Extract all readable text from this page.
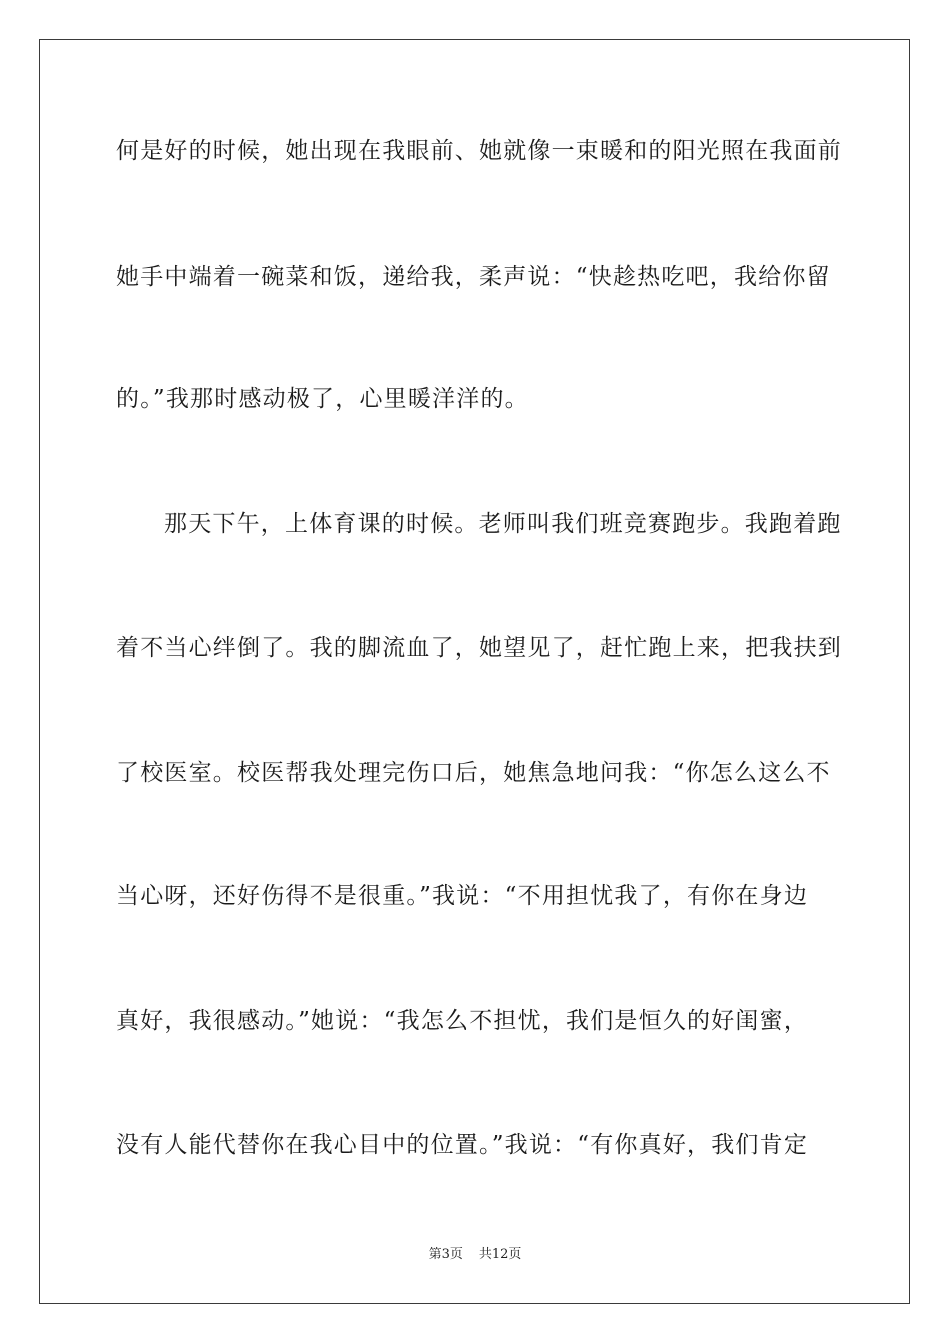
何是好的时候，她出现在我眼前、她就像一束暖和的阳光照在我面前
她手中端着一碗菜和饭，递给我，柔声说：“快趁热吃吧，我给你留
的。”我那时感动极了，心里暖洋洋的。
那天下午，上体育课的时候。老师叫我们班竞赛跑步。我跑着跑
着不当心绊倒了。我的脚流血了，她望见了，赶忙跑上来，把我扶到
了校医室。校医帮我处理完伤口后，她焦急地问我：“你怎么这么不
当心呀，还好伤得不是很重。”我说：“不用担忧我了，有你在身边
真好，我很感动。”她说：“我怎么不担忧，我们是恒久的好闺蜜，
没有人能代替你在我心目中的位置。”我说：“有你真好，我们肯定
第3页 共12页
